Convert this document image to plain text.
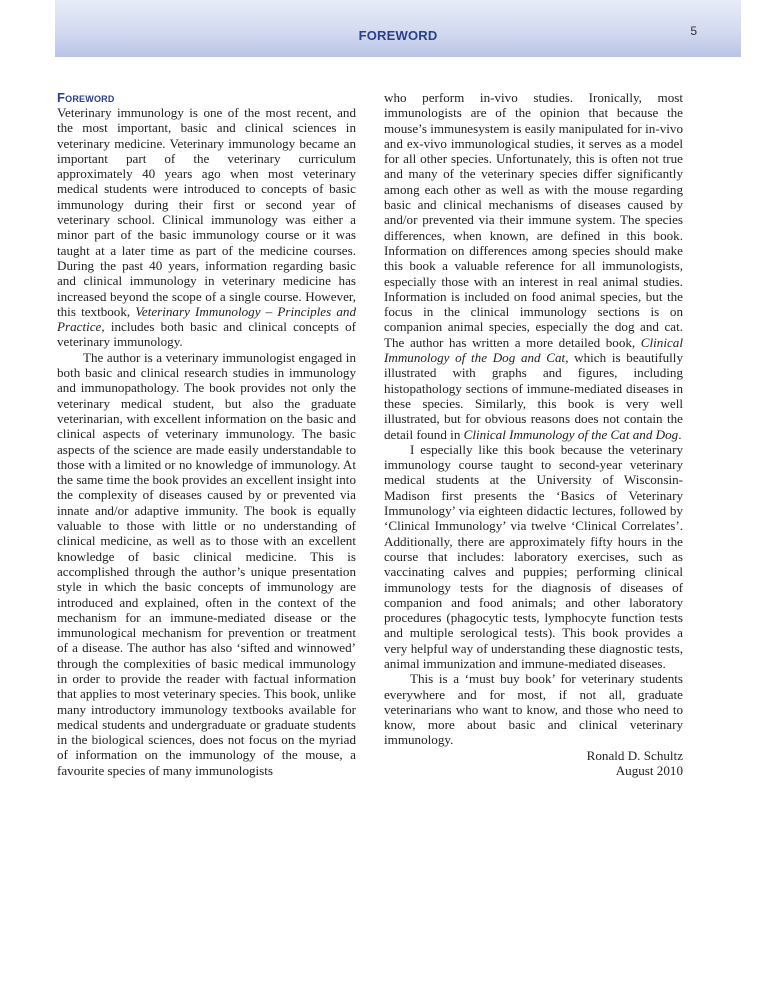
FOREWORD	5
Foreword

Veterinary immunology is one of the most recent, and the most important, basic and clinical sciences in veterinary medicine. Veterinary immunology became an important part of the veterinary curriculum approximately 40 years ago when most veterinary medical students were introduced to concepts of basic immunology during their first or second year of veterinary school. Clinical immunology was either a minor part of the basic immunology course or it was taught at a later time as part of the medicine courses. During the past 40 years, information regarding basic and clinical immunology in veterinary medicine has increased beyond the scope of a single course. However, this textbook, Veterinary Immunology – Principles and Practice, includes both basic and clinical concepts of veterinary immunology.

The author is a veterinary immunologist engaged in both basic and clinical research studies in immunology and immunopathology. The book provides not only the veterinary medical student, but also the graduate veterinarian, with excellent information on the basic and clinical aspects of veterinary immunology. The basic aspects of the science are made easily understandable to those with a limited or no knowledge of immunology. At the same time the book provides an excellent insight into the complexity of diseases caused by or prevented via innate and/or adaptive immunity. The book is equally valuable to those with little or no understanding of clinical medicine, as well as to those with an excellent knowledge of basic clinical medicine. This is accomplished through the author’s unique presentation style in which the basic concepts of immunology are introduced and explained, often in the context of the mechanism for an immune-mediated disease or the immunological mechanism for prevention or treatment of a disease. The author has also ‘sifted and winnowed’ through the complexities of basic medical immunology in order to provide the reader with factual information that applies to most veterinary species. This book, unlike many introductory immunology textbooks available for medical students and undergraduate or graduate students in the biological sciences, does not focus on the myriad of information on the immunology of the mouse, a favourite species of many immunologists

who perform in-vivo studies. Ironically, most immunologists are of the opinion that because the mouse’s immunesystem is easily manipulated for in-vivo and ex-vivo immunological studies, it serves as a model for all other species. Unfortunately, this is often not true and many of the veterinary species differ significantly among each other as well as with the mouse regarding basic and clinical mechanisms of diseases caused by and/or prevented via their immune system. The species differences, when known, are defined in this book. Information on differences among species should make this book a valuable reference for all immunologists, especially those with an interest in real animal studies. Information is included on food animal species, but the focus in the clinical immunology sections is on companion animal species, especially the dog and cat. The author has written a more detailed book, Clinical Immunology of the Dog and Cat, which is beautifully illustrated with graphs and figures, including histopathology sections of immune-mediated diseases in these species. Similarly, this book is very well illustrated, but for obvious reasons does not contain the detail found in Clinical Immunology of the Cat and Dog.

I especially like this book because the veterinary immunology course taught to second-year veterinary medical students at the University of Wisconsin-Madison first presents the ‘Basics of Veterinary Immunology’ via eighteen didactic lectures, followed by ‘Clinical Immunology’ via twelve ‘Clinical Correlates’. Additionally, there are approximately fifty hours in the course that includes: laboratory exercises, such as vaccinating calves and puppies; performing clinical immunology tests for the diagnosis of diseases of companion and food animals; and other laboratory procedures (phagocytic tests, lymphocyte function tests and multiple serological tests). This book provides a very helpful way of understanding these diagnostic tests, animal immunization and immune-mediated diseases.

This is a ‘must buy book’ for veterinary students everywhere and for most, if not all, graduate veterinarians who want to know, and those who need to know, more about basic and clinical veterinary immunology.

Ronald D. Schultz

August 2010
